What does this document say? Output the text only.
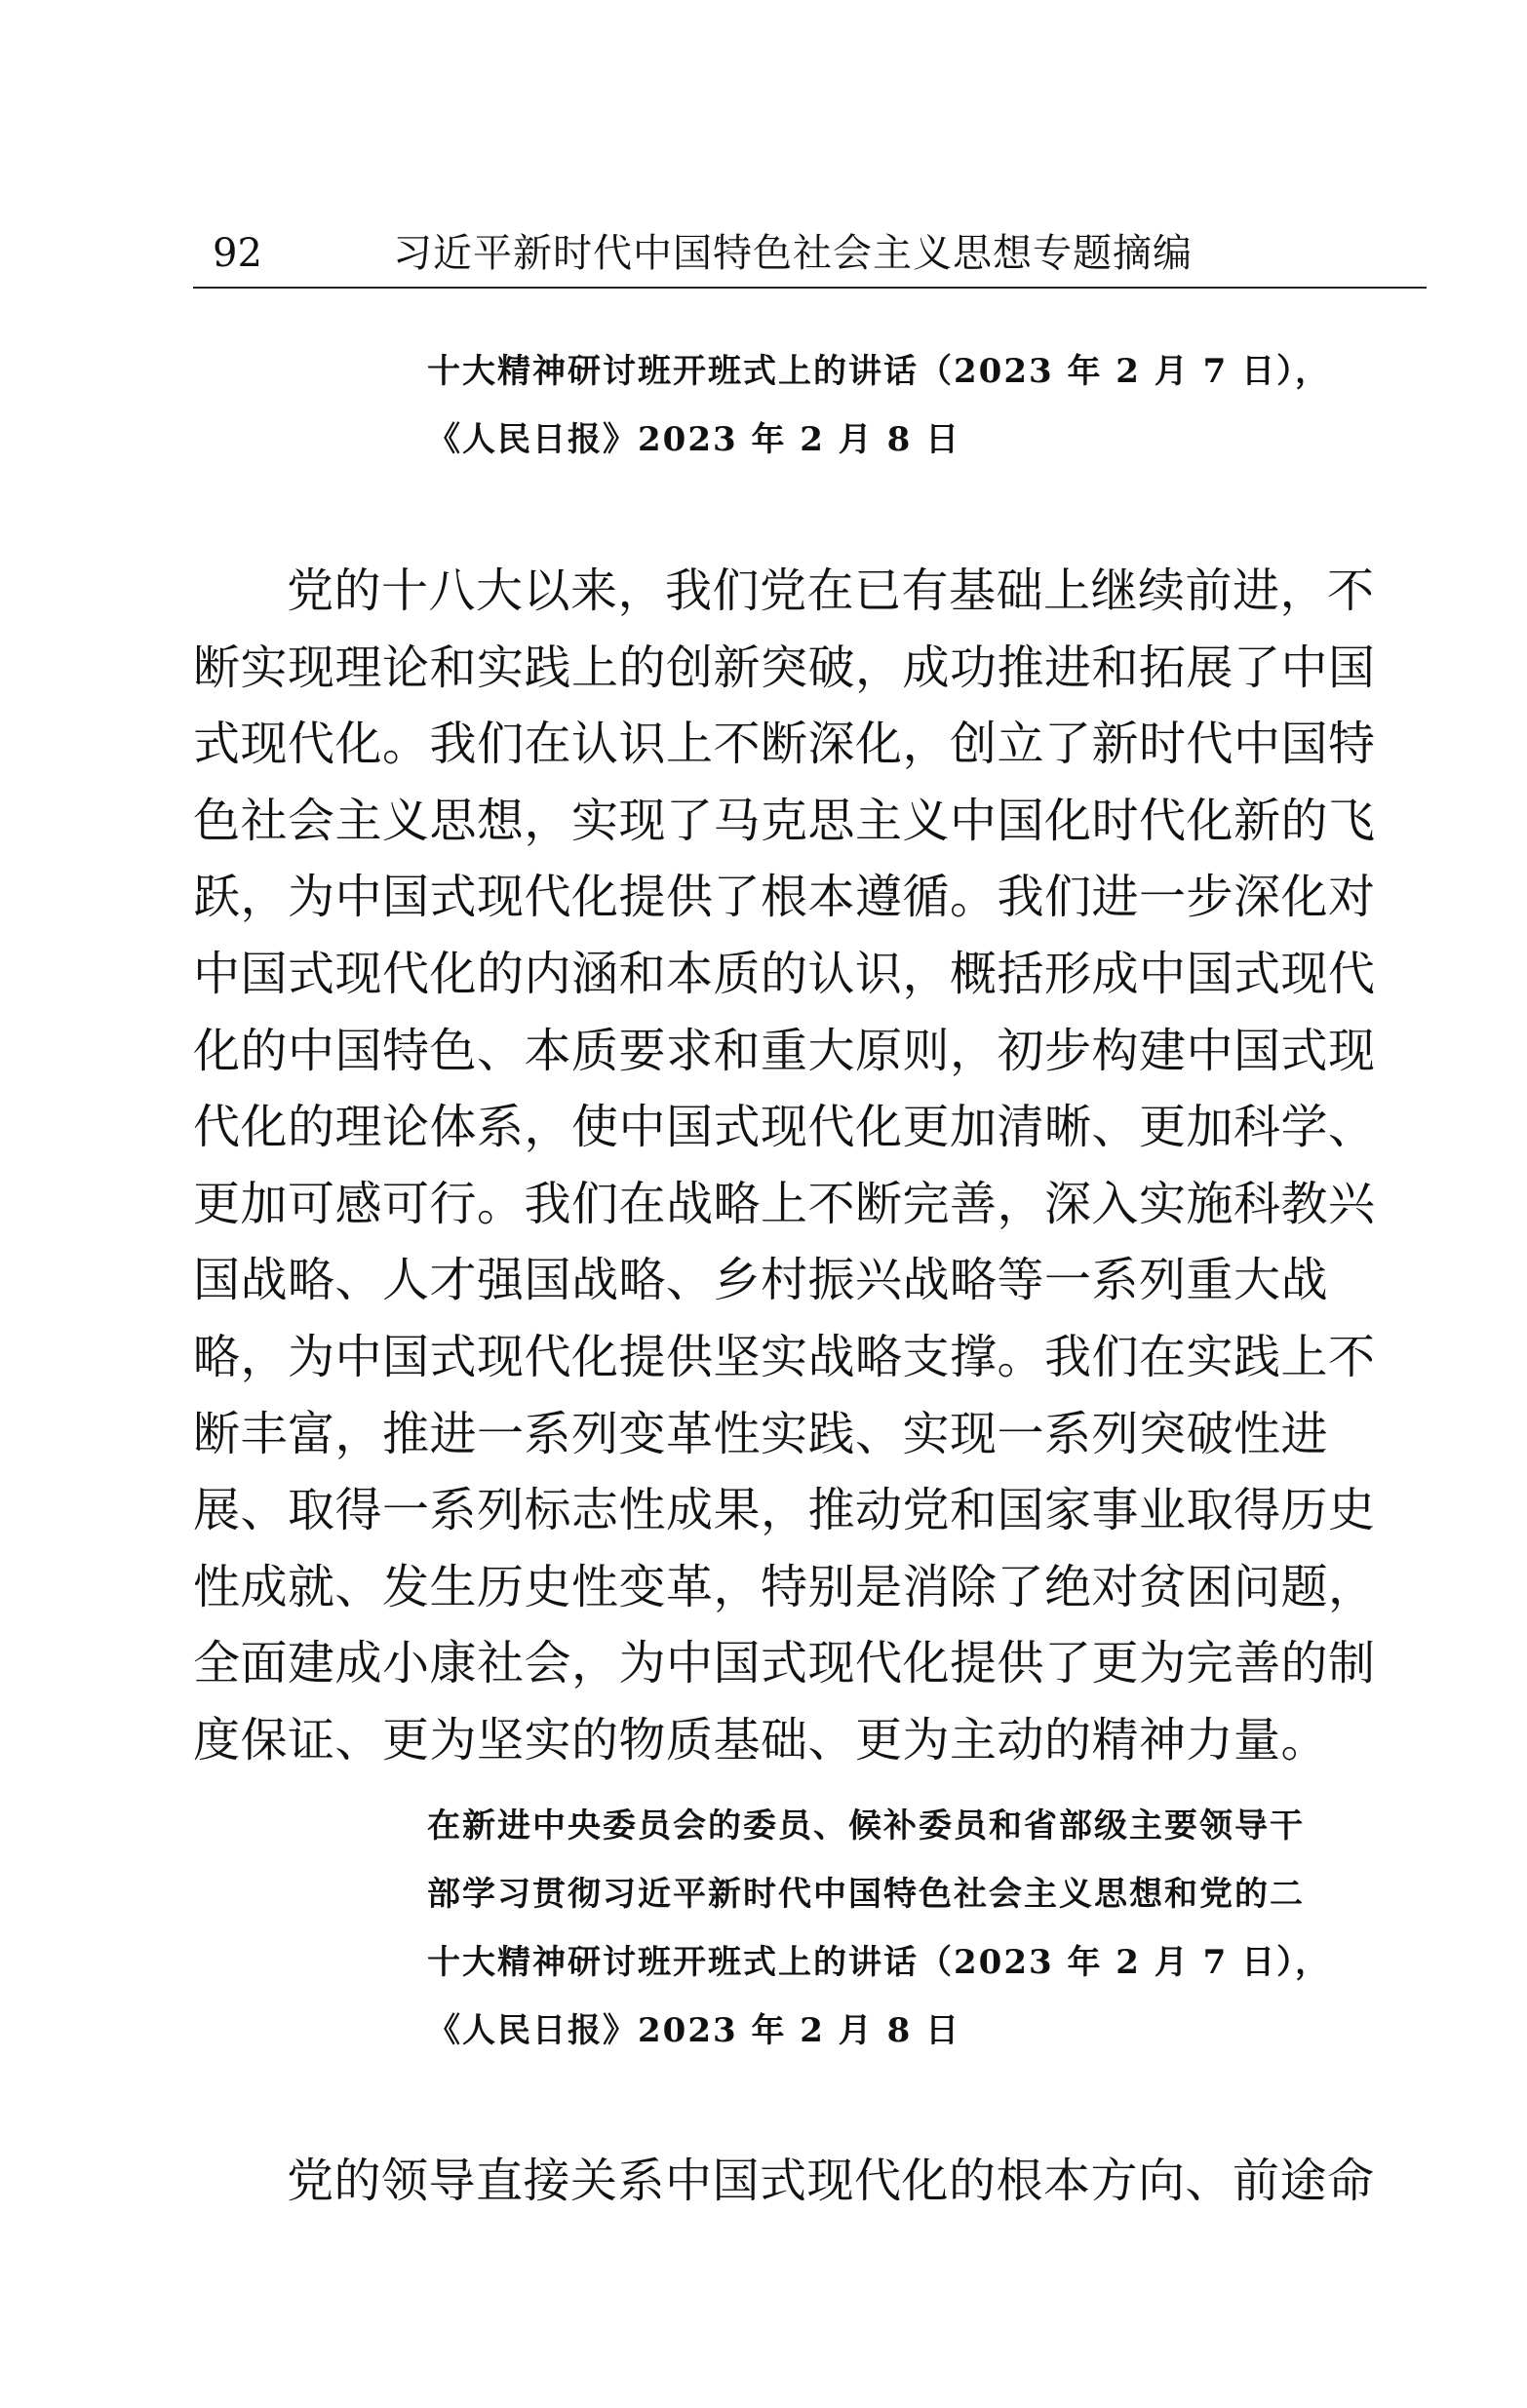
92	习近平新时代中国特色社会主义思想专题摘编
十大精神研讨班开班式上的讲话（2023 年 2 月 7 日），
《人民日报》2023 年 2 月 8 日
党的十八大以来，我们党在已有基础上继续前进，不
断实现理论和实践上的创新突破，成功推进和拓展了中国
式现代化。我们在认识上不断深化，创立了新时代中国特
色社会主义思想，实现了马克思主义中国化时代化新的飞
跃，为中国式现代化提供了根本遵循。我们进一步深化对
中国式现代化的内涵和本质的认识，概括形成中国式现代
化的中国特色、本质要求和重大原则，初步构建中国式现
代化的理论体系，使中国式现代化更加清晰、更加科学、
更加可感可行。我们在战略上不断完善，深入实施科教兴
国战略、人才强国战略、乡村振兴战略等一系列重大战
略，为中国式现代化提供坚实战略支撑。我们在实践上不
断丰富，推进一系列变革性实践、实现一系列突破性进
展、取得一系列标志性成果，推动党和国家事业取得历史
性成就、发生历史性变革，特别是消除了绝对贫困问题，
全面建成小康社会，为中国式现代化提供了更为完善的制
度保证、更为坚实的物质基础、更为主动的精神力量。
在新进中央委员会的委员、候补委员和省部级主要领导干
部学习贯彻习近平新时代中国特色社会主义思想和党的二
十大精神研讨班开班式上的讲话（2023 年 2 月 7 日），
《人民日报》2023 年 2 月 8 日
党的领导直接关系中国式现代化的根本方向、前途命
